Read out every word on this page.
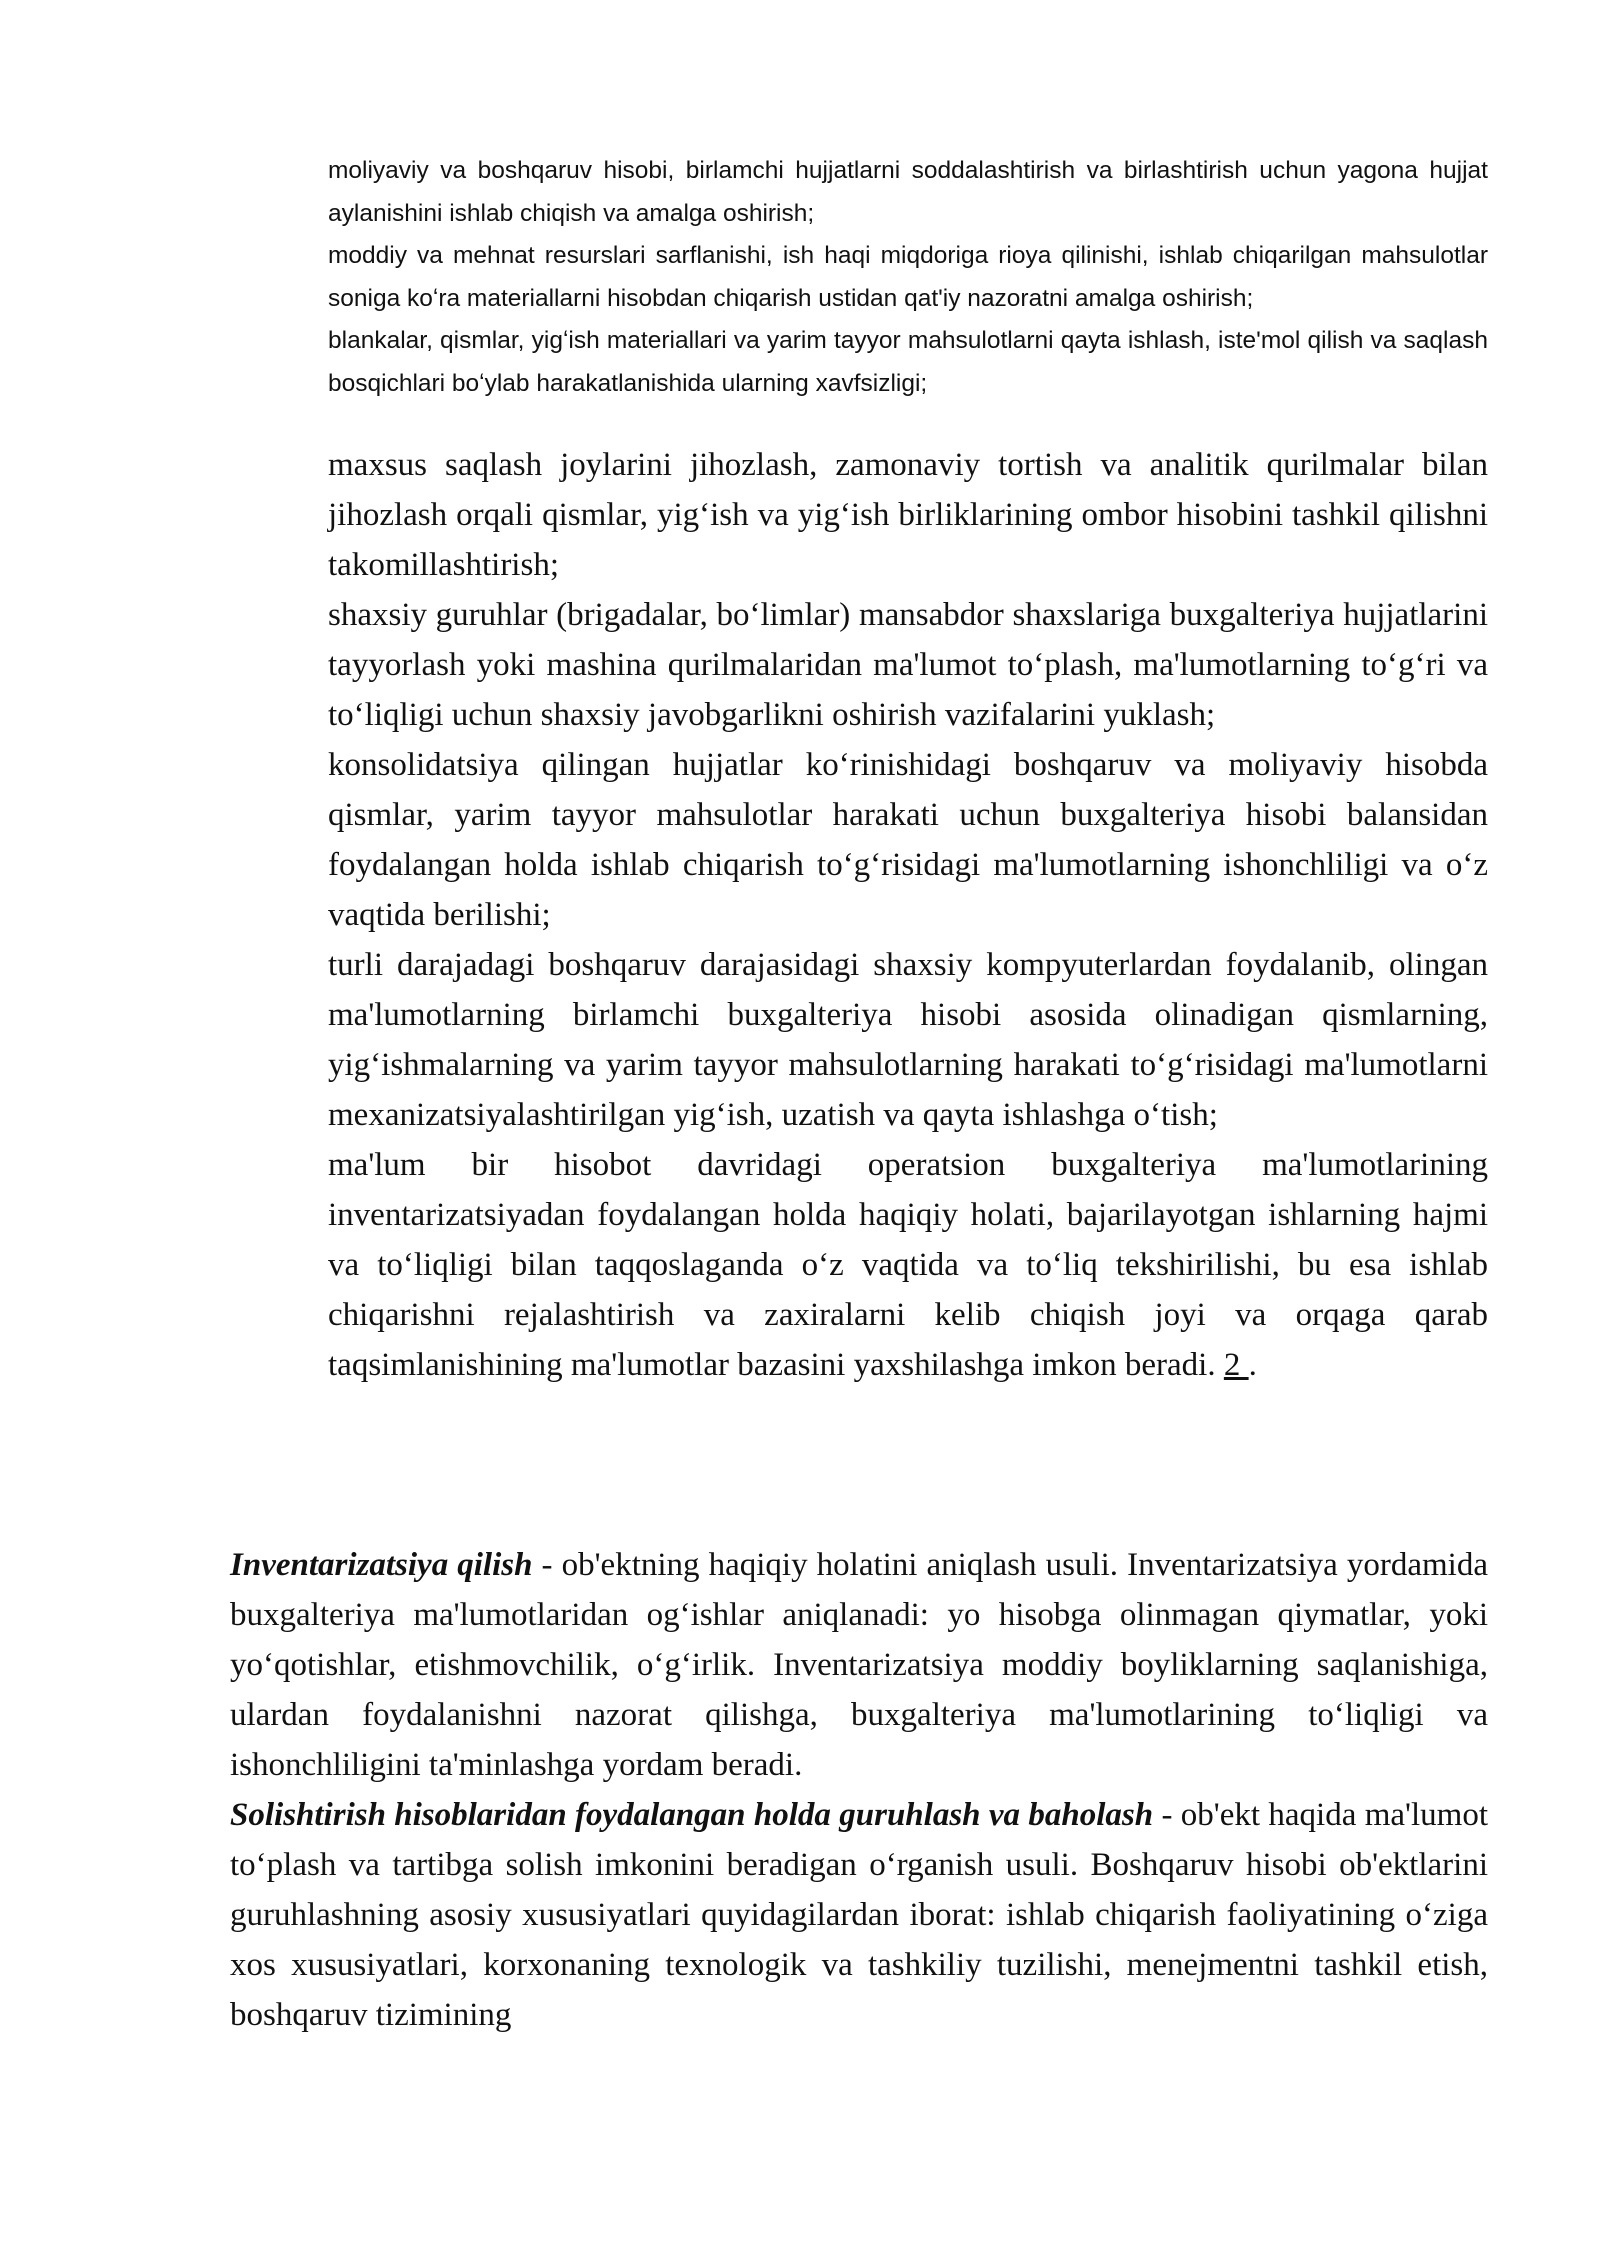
moliyaviy va boshqaruv hisobi, birlamchi hujjatlarni soddalashtirish va birlashtirish uchun yagona hujjat aylanishini ishlab chiqish va amalga oshirish;

moddiy va mehnat resurslari sarflanishi, ish haqi miqdoriga rioya qilinishi, ishlab chiqarilgan mahsulotlar soniga koʻra materiallarni hisobdan chiqarish ustidan qat'iy nazoratni amalga oshirish;

blankalar, qismlar, yigʻish materiallari va yarim tayyor mahsulotlarni qayta ishlash, iste'mol qilish va saqlash bosqichlari boʻylab harakatlanishida ularning xavfsizligi;

maxsus saqlash joylarini jihozlash, zamonaviy tortish va analitik qurilmalar bilan jihozlash orqali qismlar, yig‘ish va yig‘ish birliklarining ombor hisobini tashkil qilishni takomillashtirish;

shaxsiy guruhlar (brigadalar, bo‘limlar) mansabdor shaxslariga buxgalteriya hujjatlarini tayyorlash yoki mashina qurilmalaridan ma'lumot to‘plash, ma'lumotlarning to‘g‘ri va to‘liqligi uchun shaxsiy javobgarlikni oshirish vazifalarini yuklash;

konsolidatsiya qilingan hujjatlar ko‘rinishidagi boshqaruv va moliyaviy hisobda qismlar, yarim tayyor mahsulotlar harakati uchun buxgalteriya hisobi balansidan foydalangan holda ishlab chiqarish to‘g‘risidagi ma'lumotlarning ishonchliligi va o‘z vaqtida berilishi;

turli darajadagi boshqaruv darajasidagi shaxsiy kompyuterlardan foydalanib, olingan ma'lumotlarning birlamchi buxgalteriya hisobi asosida olinadigan qismlarning, yig‘ishmalarning va yarim tayyor mahsulotlarning harakati to‘g‘risidagi ma'lumotlarni mexanizatsiyalashtirilgan yig‘ish, uzatish va qayta ishlashga o‘tish;

ma'lum bir hisobot davridagi operatsion buxgalteriya ma'lumotlarining inventarizatsiyadan foydalangan holda haqiqiy holati, bajarilayotgan ishlarning hajmi va to‘liqligi bilan taqqoslaganda o‘z vaqtida va to‘liq tekshirilishi, bu esa ishlab chiqarishni rejalashtirish va zaxiralarni kelib chiqish joyi va orqaga qarab taqsimlanishining ma'lumotlar bazasini yaxshilashga imkon beradi. 2 .

Inventarizatsiya qilish - ob'ektning haqiqiy holatini aniqlash usuli. Inventarizatsiya yordamida buxgalteriya ma'lumotlaridan og‘ishlar aniqlanadi: yo hisobga olinmagan qiymatlar, yoki yo‘qotishlar, etishmovchilik, o‘g‘irlik. Inventarizatsiya moddiy boyliklarning saqlanishiga, ulardan foydalanishni nazorat qilishga, buxgalteriya ma'lumotlarining to‘liqligi va ishonchliligini ta'minlashga yordam beradi.

Solishtirish hisoblaridan foydalangan holda guruhlash va baholash - ob'ekt haqida ma'lumot to‘plash va tartibga solish imkonini beradigan o‘rganish usuli. Boshqaruv hisobi ob'ektlarini guruhlashning asosiy xususiyatlari quyidagilardan iborat: ishlab chiqarish faoliyatining o‘ziga xos xususiyatlari, korxonaning texnologik va tashkiliy tuzilishi, menejmentni tashkil etish, boshqaruv tizimining
